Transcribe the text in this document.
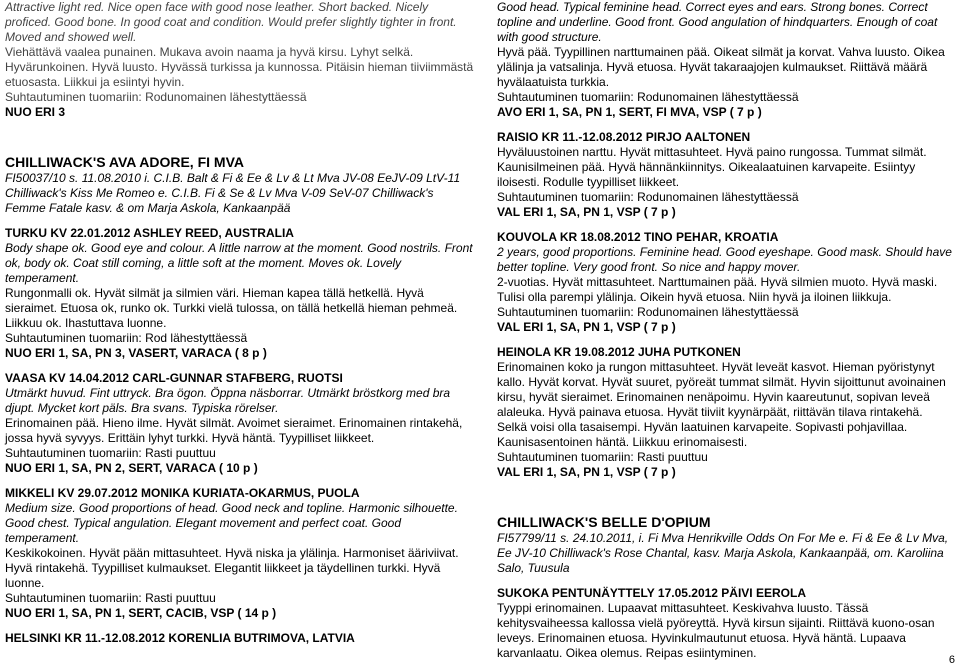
Attractive light red. Nice open face with good nose leather. Short backed. Nicely proficed. Good bone. In good coat and condition. Would prefer slightly tighter in front. Moved and showed well.

Viehättävä vaalea punainen. Mukava avoin naama ja hyvä kirsu. Lyhyt selkä. Hyvärunkoinen. Hyvä luusto. Hyvässä turkissa ja kunnossa. Pitäisin hieman tiiviimmästä etuosasta. Liikkui ja esiintyi hyvin.

Suhtautuminen tuomariin: Rodunomainen lähestyttäessä

NUO ERI 3

CHILLIWACK'S AVA ADORE, FI MVA

FI50037/10 s. 11.08.2010 i. C.I.B. Balt & Fi & Ee & Lv & Lt Mva JV-08 EeJV-09 LtV-11 Chilliwack's Kiss Me Romeo e. C.I.B. Fi & Se & Lv Mva V-09 SeV-07 Chilliwack's Femme Fatale kasv. & om Marja Askola, Kankaanpää

TURKU KV 22.01.2012 ASHLEY REED, AUSTRALIA

Body shape ok. Good eye and colour. A little narrow at the moment. Good nostrils. Front ok, body ok. Coat still coming, a little soft at the moment. Moves ok. Lovely temperament.

Rungonmalli ok. Hyvät silmät ja silmien väri. Hieman kapea tällä hetkellä. Hyvä sieraimet. Etuosa ok, runko ok. Turkki vielä tulossa, on tällä hetkellä hieman pehmeä. Liikkuu ok. Ihastuttava luonne.

Suhtautuminen tuomariin: Rod lähestyttäessä

NUO ERI 1, SA, PN 3, VASERT, VARACA ( 8 p )

VAASA KV 14.04.2012 CARL-GUNNAR STAFBERG, RUOTSI

Utmärkt huvud. Fint uttryck. Bra ögon. Öppna näsborrar. Utmärkt bröstkorg med bra djupt. Mycket kort päls. Bra svans. Typiska rörelser.

Erinomainen pää. Hieno ilme. Hyvät silmät. Avoimet sieraimet. Erinomainen rintakehä, jossa hyvä syvyys. Erittäin lyhyt turkki. Hyvä häntä. Tyypilliset liikkeet.

Suhtautuminen tuomariin: Rasti puuttuu

NUO ERI 1, SA, PN 2, SERT, VARACA ( 10 p )

MIKKELI KV 29.07.2012 MONIKA KURIATA-OKARMUS, PUOLA

Medium size. Good proportions of head. Good neck and topline. Harmonic silhouette. Good chest. Typical angulation. Elegant movement and perfect coat. Good temperament.

Keskikokoinen. Hyvät pään mittasuhteet. Hyvä niska ja ylälinja. Harmoniset ääriviivat. Hyvä rintakehä. Tyypilliset kulmaukset. Elegantit liikkeet ja täydellinen turkki. Hyvä luonne.

Suhtautuminen tuomariin: Rasti puuttuu

NUO ERI 1, SA, PN 1, SERT, CACIB, VSP ( 14 p )

HELSINKI KR 11.-12.08.2012 KORENLIA BUTRIMOVA, LATVIA

Good head. Typical feminine head. Correct eyes and ears. Strong bones. Correct topline and underline. Good front. Good angulation of hindquarters. Enough of coat with good structure.

Hyvä pää. Tyypillinen narttumainen pää. Oikeat silmät ja korvat. Vahva luusto. Oikea ylälinja ja vatsalinja. Hyvä etuosa. Hyvät takaraajojen kulmaukset. Riittävä määrä hyvälaatuista turkkia.

Suhtautuminen tuomariin: Rodunomainen lähestyttäessä

AVO ERI 1, SA, PN 1, SERT, FI MVA, VSP ( 7 p )

RAISIO KR 11.-12.08.2012 PIRJO AALTONEN

Hyväluustoinen narttu. Hyvät mittasuhteet. Hyvä paino rungossa. Tummat silmät. Kaunisilmeinen pää. Hyvä hännänkiinnitys. Oikealaatuinen karvapeite. Esiintyy iloisesti. Rodulle tyypilliset liikkeet.

Suhtautuminen tuomariin: Rodunomainen lähestyttäessä

VAL ERI 1, SA, PN 1, VSP ( 7 p )

KOUVOLA KR 18.08.2012 TINO PEHAR, KROATIA

2 years, good proportions. Feminine head. Good eyeshape. Good mask. Should have better topline. Very good front. So nice and happy mover.

2-vuotias. Hyvät mittasuhteet. Narttumainen pää. Hyvä silmien muoto. Hyvä maski. Tulisi olla parempi ylälinja. Oikein hyvä etuosa. Niin hyvä ja iloinen liikkuja.

Suhtautuminen tuomariin: Rodunomainen lähestyttäessä

VAL ERI 1, SA, PN 1, VSP ( 7 p )

HEINOLA KR 19.08.2012 JUHA PUTKONEN

Erinomainen koko ja rungon mittasuhteet. Hyvät leveät kasvot. Hieman pyöristynyt kallo. Hyvät korvat. Hyvät suuret, pyöreät tummat silmät. Hyvin sijoittunut avoinainen kirsu, hyvät sieraimet. Erinomainen nenäpoimu. Hyvin kaareutunut, sopivan leveä alaleuka. Hyvä painava etuosa. Hyvät tiiviit kyynärpäät, riittävän tilava rintakehä. Selkä voisi olla tasaisempi. Hyvän laatuinen karvapeite. Sopivasti pohjavillaa. Kaunisasentoinen häntä. Liikkuu erinomaisesti.

Suhtautuminen tuomariin: Rasti puuttuu

VAL ERI 1, SA, PN 1, VSP ( 7 p )

CHILLIWACK'S BELLE D'OPIUM

FI57799/11 s. 24.10.2011, i. Fi Mva Henrikville Odds On For Me e. Fi & Ee & Lv Mva, Ee JV-10 Chilliwack's Rose Chantal, kasv. Marja Askola, Kankaanpää, om. Karoliina Salo, Tuusula

SUKOKA PENTUNÄYTTELY 17.05.2012 PÄIVI EEROLA

Tyyppi erinomainen. Lupaavat mittasuhteet. Keskivahva luusto. Tässä kehitysvaiheessa kallossa vielä pyöreyttä. Hyvä kirsun sijainti. Riittävä kuono-osan leveys. Erinomainen etuosa. Hyvinkulmautunut etuosa. Hyvä häntä. Lupaava karvanlaatu. Oikea olemus. Reipas esiintyminen.	6
